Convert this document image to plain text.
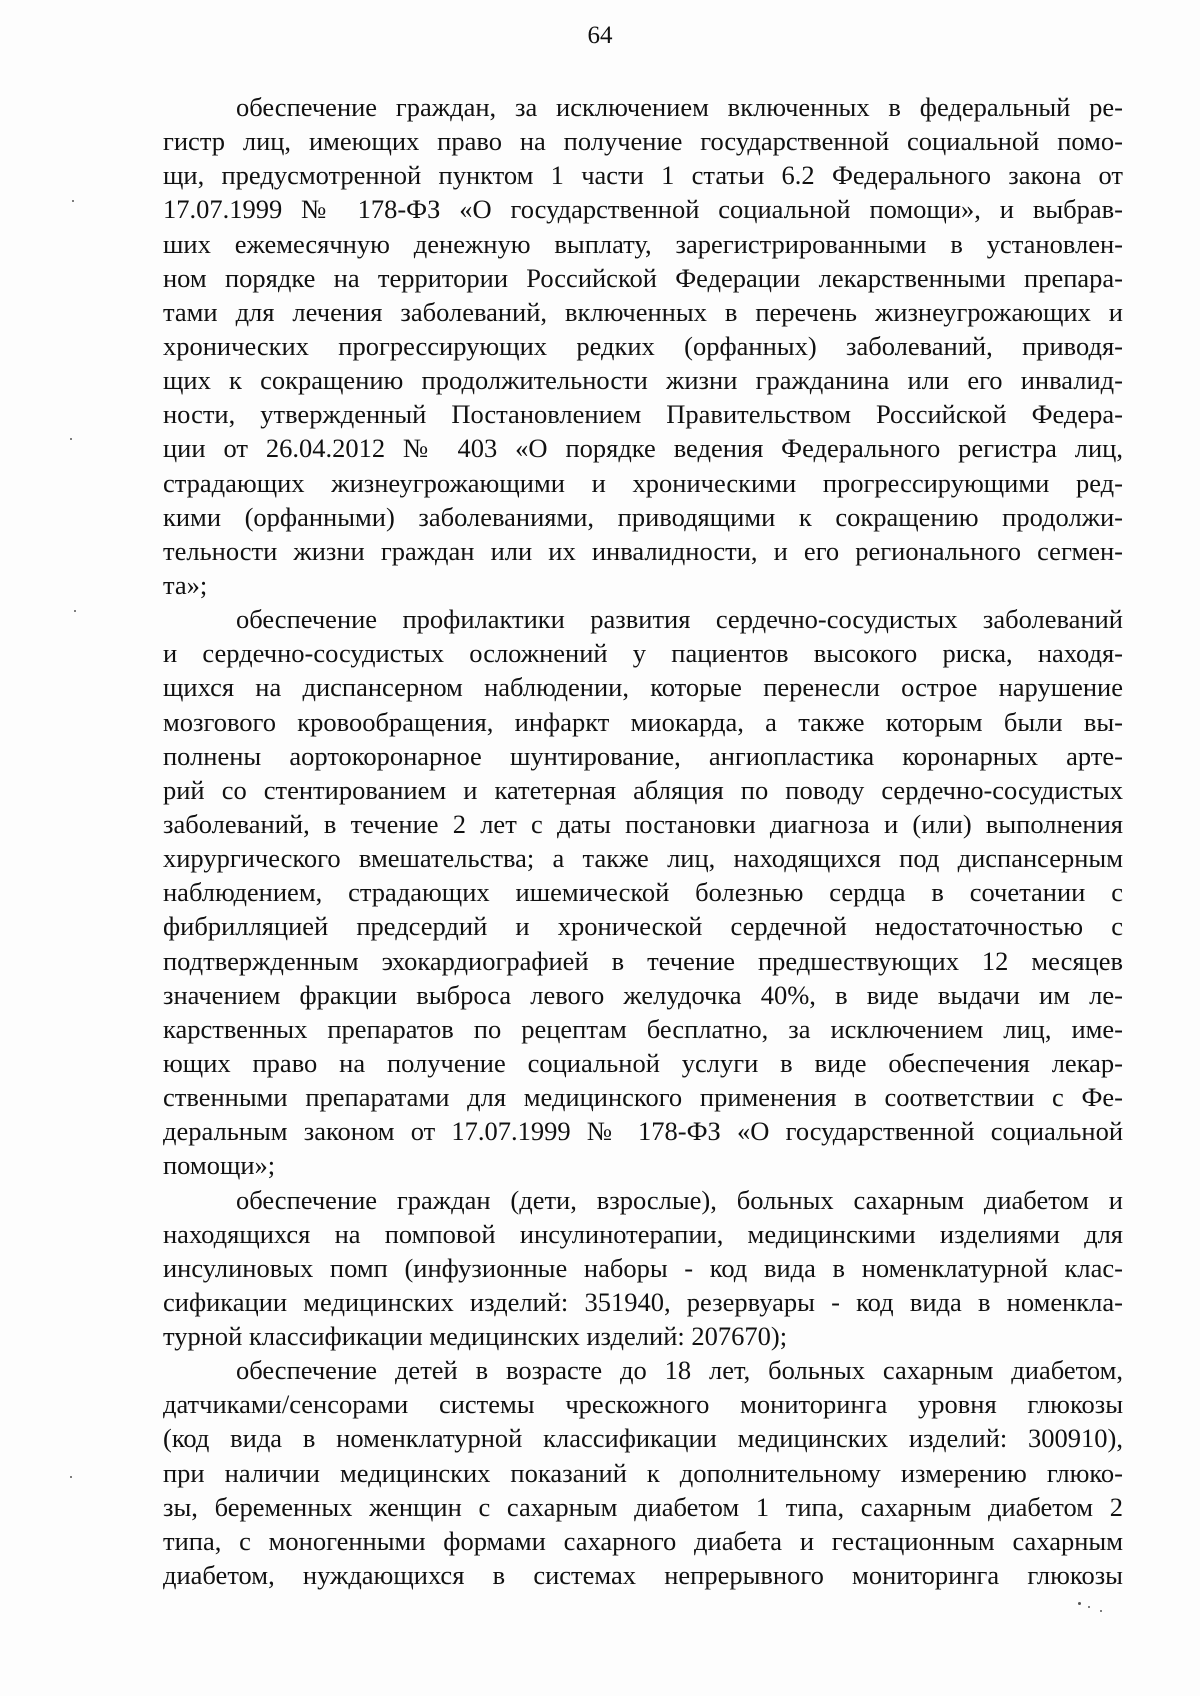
64
обеспечение граждан, за исключением включенных в федеральный ре-
гистр лиц, имеющих право на получение государственной социальной помо-
щи, предусмотренной пунктом 1 части 1 статьи 6.2 Федерального закона от
17.07.1999 № 178-ФЗ «О государственной социальной помощи», и выбрав-
ших ежемесячную денежную выплату, зарегистрированными в установлен-
ном порядке на территории Российской Федерации лекарственными препара-
тами для лечения заболеваний, включенных в перечень жизнеугрожающих и
хронических прогрессирующих редких (орфанных) заболеваний, приводя-
щих к сокращению продолжительности жизни гражданина или его инвалид-
ности, утвержденный Постановлением Правительством Российской Федера-
ции от 26.04.2012 № 403 «О порядке ведения Федерального регистра лиц,
страдающих жизнеугрожающими и хроническими прогрессирующими ред-
кими (орфанными) заболеваниями, приводящими к сокращению продолжи-
тельности жизни граждан или их инвалидности, и его регионального сегмен-
та»;
обеспечение профилактики развития сердечно-сосудистых заболеваний
и сердечно-сосудистых осложнений у пациентов высокого риска, находя-
щихся на диспансерном наблюдении, которые перенесли острое нарушение
мозгового кровообращения, инфаркт миокарда, а также которым были вы-
полнены аортокоронарное шунтирование, ангиопластика коронарных арте-
рий со стентированием и катетерная абляция по поводу сердечно-сосудистых
заболеваний, в течение 2 лет с даты постановки диагноза и (или) выполнения
хирургического вмешательства; а также лиц, находящихся под диспансерным
наблюдением, страдающих ишемической болезнью сердца в сочетании с
фибрилляцией предсердий и хронической сердечной недостаточностью с
подтвержденным эхокардиографией в течение предшествующих 12 месяцев
значением фракции выброса левого желудочка 40%, в виде выдачи им ле-
карственных препаратов по рецептам бесплатно, за исключением лиц, име-
ющих право на получение социальной услуги в виде обеспечения лекар-
ственными препаратами для медицинского применения в соответствии с Фе-
деральным законом от 17.07.1999 № 178-ФЗ «О государственной социальной
помощи»;
обеспечение граждан (дети, взрослые), больных сахарным диабетом и
находящихся на помповой инсулинотерапии, медицинскими изделиями для
инсулиновых помп (инфузионные наборы - код вида в номенклатурной клас-
сификации медицинских изделий: 351940, резервуары - код вида в номенкла-
турной классификации медицинских изделий: 207670);
обеспечение детей в возрасте до 18 лет, больных сахарным диабетом,
датчиками/сенсорами системы чрескожного мониторинга уровня глюкозы
(код вида в номенклатурной классификации медицинских изделий: 300910),
при наличии медицинских показаний к дополнительному измерению глюко-
зы, беременных женщин с сахарным диабетом 1 типа, сахарным диабетом 2
типа, с моногенными формами сахарного диабета и гестационным сахарным
диабетом, нуждающихся в системах непрерывного мониторинга глюкозы
